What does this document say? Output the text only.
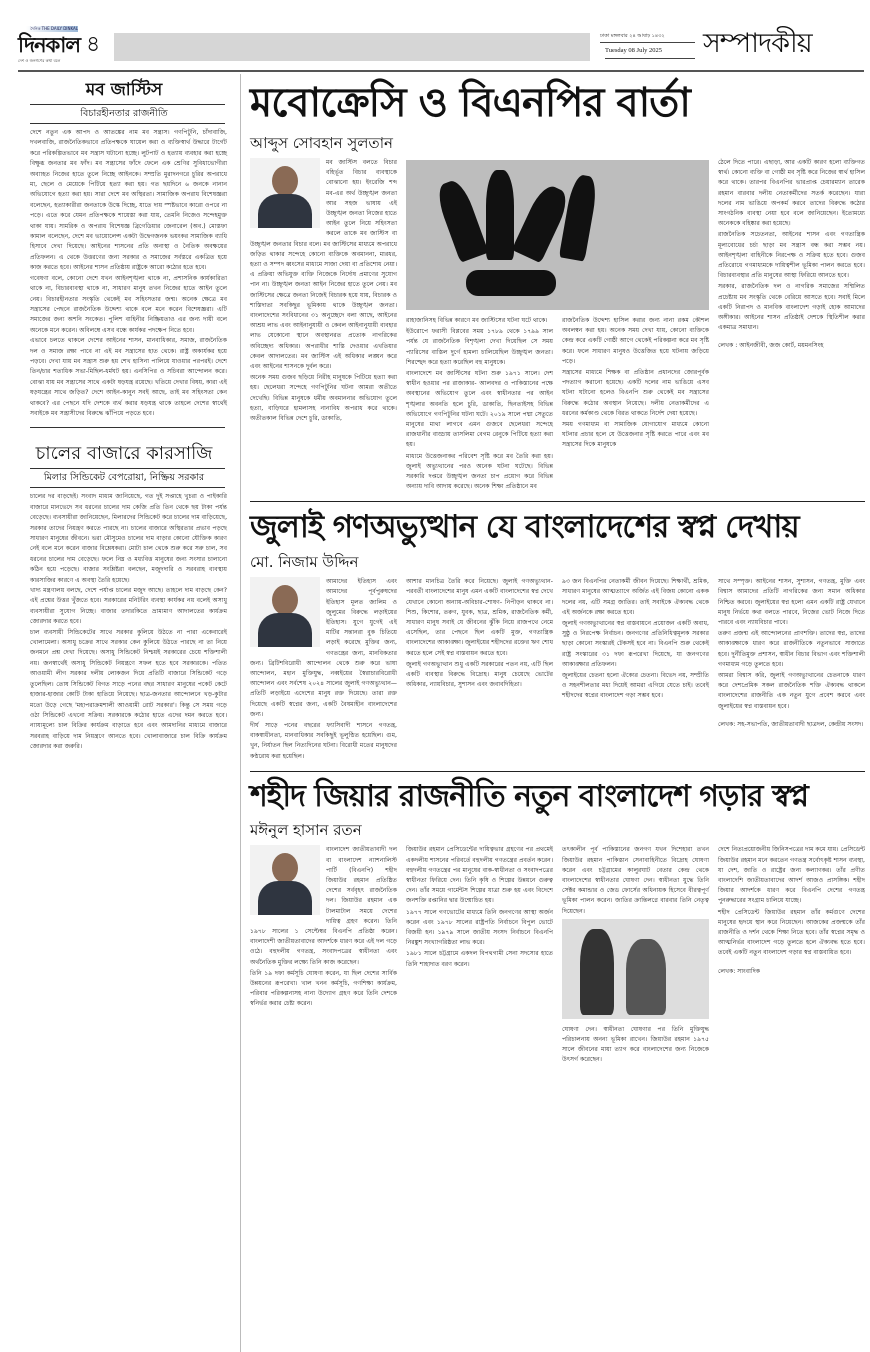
দৈনিক THE DAILY DINKAL
দিনকাল
দেশ ও জনগণের কথা বলে
৪	ঢাকা মঙ্গলবার ২৪ আষাঢ় ১৪৩২
Tuesday 08 July 2025	সম্পাদকীয়
মব জাস্টিস
বিচারহীনতার রাজনীতি

দেশে নতুন এক আপদ ও আতঙ্কের নাম মব সন্ত্রাস। গণপিটুনি, চাঁদাবাজি, দখলবাজি, রাজনৈতিকভাবে প্রতিপক্ষকে ঘায়েল করা ও ব্যক্তিস্বার্থ উদ্ধারে টার্গেট করে পরিকল্পিতভাবে মব সন্ত্রাস ঘটানো হচ্ছে। লুটপাট ও হত্যায় ব্যবহার করা হচ্ছে বিক্ষুব্ধ জনতার মব ফাঁদ। মব সন্ত্রাসের ফাঁদে ফেলে এক শ্রেণির সুবিধাভোগীরা অব্যাহত নিজের হাতে তুলে নিচ্ছে আইনকে। সম্প্রতি মুরাদনগরে চুরির অপরাধে মা, ছেলে ও মেয়েকে পিটিয়ে হত্যা করা হয়। গত ছয়দিনে ৬ জনকে নানান অভিযোগে হত্যা করা হয়। সারা দেশে মব অস্থিরতা। সামাজিক অপরাধ বিশেষজ্ঞরা বলেছেন, হত্যাকারীরা জনতাকে উস্কে দিচ্ছে, যাতে দায় স্পষ্টভাবে কারো ওপরে না পড়ে। এতে করে যেমন প্রতিপক্ষকে শায়েস্তা করা যায়, তেমনি নিজেও সন্দেহমুক্ত থাকা যায়। সামরিক ও অপরাধ বিশেষজ্ঞ ব্রিগেডিয়ার জেনারেল (অব.) মোস্তফা কামাল বলেছেন, দেশে মব ভায়োলেন্স একটা উদ্বেগজনক ভয়ংকর সামাজিক ব্যাধি হিসাবে দেখা দিয়েছে। আইনের শাসনের প্রতি অনাস্থা ও নৈতিক অবক্ষয়ের প্রতিফলন। এ থেকে উত্তরণের জন্য সরকার ও সমাজের সর্বস্তরে একত্রিত হয়ে কাজ করতে হবে। আইনের শাসন প্রতিষ্ঠায় রাষ্ট্রকে আরো কঠোর হতে হবে।

গবেষণা বলে, কোনো দেশে যখন আইনশৃঙ্খলা থাকে না, প্রশাসনিক কার্যকারিতা থাকে না, বিচারব্যবস্থা থাকে না, সাধারণ মানুষ তখন নিজের হাতে আইন তুলে নেয়। বিচারহীনতার সংস্কৃতি থেকেই মব সহিংসতার জন্ম। অনেক ক্ষেত্রে মব সন্ত্রাসের পেছনে রাজনৈতিক উদ্দেশ্য থাকে বলে মনে করেন বিশেষজ্ঞরা। এটি সমাজের জন্য অশনি সংকেত। পুলিশ বাহিনীর নিষ্ক্রিয়তাও এর জন্য দায়ী বলে অনেকে মনে করেন। অবিলম্বে এসব বন্ধে কার্যকর পদক্ষেপ নিতে হবে।

এভাবে চলতে থাকলে দেশের আইনের শাসন, মানবাধিকার, সমাজ, রাজনৈতিক দল ও সমাজ রক্ষা পাবে না এই মব সন্ত্রাসের হাত থেকে। রাষ্ট্র অকার্যকর হয়ে পড়বে। দেখা যায় মব সন্ত্রাস শুরু হয় শেখ হাসিনা পালিয়ে যাওয়ার পরপরই। দেশে তিন/চার শতাধিক সভা-মিছিল-ধর্মঘট হয়। এনসিপির ও সচিবরা আন্দোলন করে। বোঝা যায় মব সন্ত্রাসের সাথে একটা ষড়যন্ত্র রয়েছে। খতিয়ে দেখার বিষয়, কারা এই ষড়যন্ত্রের সাথে জড়িত? দেশে আইন-কানুন সবই আছে, তাই মব সহিংসতা কেন থাকবে? এর পেছনে যদি দেশকে ব্যর্থ করার ষড়যন্ত্র থাকে তাহলে দেশের স্বার্থেই সবাইকে মব সন্ত্রাসীদের বিরুদ্ধে ঝাঁপিয়ে পড়তে হবে।

চালের বাজারে কারসাজি
মিলার সিন্ডিকেট বেপরোয়া, নিষ্ক্রিয় সরকার

চালের দর বাড়ছেই। সংবাদ মাধ্যম জানিয়েছে, গত দুই সপ্তাহে খুচরা ও পাইকারি বাজারে মানভেদে সব ধরনের চালের দাম কেজি প্রতি তিন থেকে ছয় টাকা পর্যন্ত বেড়েছে। ব্যবসায়ীরা জানিয়েছেন, মিলারদের সিন্ডিকেট করে চালের দাম বাড়িয়েছে, সরকার তাদের নিয়ন্ত্রণ করতে পারছে না। চালের বাজারে অস্থিরতার প্রভাব পড়ছে সাধারণ মানুষের জীবনে। ভরা মৌসুমেও চালের দাম বাড়ার কোনো যৌক্তিক কারণ নেই বলে মনে করেন বাজার বিশ্লেষকরা। মোটা চাল থেকে শুরু করে সরু চাল, সব ধরনের চালের দাম বেড়েছে। ফলে নিম্ন ও মধ্যবিত্ত মানুষের জন্য সংসার চালানো কঠিন হয়ে পড়েছে। বাজার সংশ্লিষ্টরা বলছেন, মজুদদারি ও সরবরাহ ব্যবস্থায় কারসাজির কারণে এ অবস্থা তৈরি হয়েছে।

খাদ্য মন্ত্রণালয় বলছে, দেশে পর্যাপ্ত চালের মজুদ আছে। তাহলে দাম বাড়ছে কেন? এই প্রশ্নের উত্তর খুঁজতে হবে। সরকারের মনিটরিং ব্যবস্থা কার্যকর নয় বলেই অসাধু ব্যবসায়ীরা সুযোগ নিচ্ছে। বাজার তদারকিতে ভ্রাম্যমাণ আদালতের কার্যক্রম জোরদার করতে হবে।

চাল ব্যবসায়ী সিন্ডিকেটের সাথে সরকার কুলিয়ে উঠতে না পারা একেবারেই খোলামেলা। অসাধু চক্রের সাথে সরকার কেন কুলিয়ে উঠতে পারছে না তা নিয়ে জনমনে প্রশ্ন দেখা দিয়েছে। অসাধু সিন্ডিকেট নিশ্চয়ই সরকারের চেয়ে শক্তিশালী নয়। জনস্বার্থেই অসাধু সিন্ডিকেট নিয়ন্ত্রণে সফল হতে হবে সরকারকে। পতিত আওয়ামী লীগ সরকার দলীয় লোকজন দিয়ে প্রতিটি বাজারে সিন্ডিকেট গড়ে তুলেছিল। তোষ সিন্ডিকেট বিগত সাড়ে পনের বছর সাধারণ মানুষের পকেট কেটে হাজার-হাজার কোটি টাকা হাতিয়ে নিয়েছে। ছাত্র-জনতার আন্দোলনে খড়-কুটার মতো উড়ে গেছে 'মহাপরাক্রমশালী আওয়ামী রোট সরকার'। কিন্তু সে সময় গড়ে ওঠা সিন্ডিকেট এখনো সক্রিয়। সরকারকে কঠোর হাতে এদের দমন করতে হবে। ন্যায্যমূল্যে চাল বিক্রির কার্যক্রম বাড়াতে হবে এবং আমদানির মাধ্যমে বাজারে সরবরাহ বাড়িয়ে দাম নিয়ন্ত্রণে আনতে হবে। খোলাবাজারে চাল বিক্রি কার্যক্রম জোরদার করা জরুরি।

মবোক্রেসি ও বিএনপির বার্তা
আব্দুস সোবহান সুলতান

মব জাস্টিস বলতে বিচার বহির্ভূত বিচার ব্যবস্থাকে বোঝানো হয়। ইংরেজি শব্দ মব-এর অর্থ উচ্ছৃঙ্খল জনতা আর সহজ ভাষায় এই উচ্ছৃঙ্খল জনতা নিজের হাতে আইন তুলে নিয়ে সহিংসতা করলে তাকে মব জাস্টিস বা উচ্ছৃঙ্খল জনতার বিচার বলে। মব জাস্টিসের মাধ্যমে অপরাধে জড়িত থাকার সন্দেহে কোনো ব্যক্তিকে অবমাননা, মারধর, হত্যা ও সম্পদ ধ্বংসের মাধ্যমে সাজা দেয়া বা প্রতিশোধ নেয়া। এ প্রক্রিয়া অভিযুক্ত ব্যক্তি নিজেকে নির্দোষ প্রমাণের সুযোগ পান না। উচ্ছৃঙ্খল জনতা আইন নিজের হাতে তুলে নেয়। মব জাস্টিসের ক্ষেত্রে জনতা নিজেই বিচারক হয়ে যায়, বিচারক ও শাস্তিদাতা সবকিছুর ভূমিকায় থাকে উচ্ছৃঙ্খল জনতা। বাংলাদেশের সংবিধানের ৩১ অনুচ্ছেদে বলা আছে, আইনের আশ্রয় লাভ এবং আইনানুযায়ী ও কেবল আইনানুযায়ী ব্যবহার লাভ যেকোনো স্থানে অবস্থানরত প্রত্যেক নাগরিকের অবিচ্ছেদ্য অধিকার। অপরাধীর শাস্তি দেওয়ার এখতিয়ার কেবল আদালতের। মব জাস্টিস এই অধিকার লঙ্ঘন করে এবং আইনের শাসনকে দুর্বল করে।

অনেক সময় গুজব ছড়িয়ে নিরীহ মানুষকে পিটিয়ে হত্যা করা হয়। ছেলেধরা সন্দেহে গণপিটুনির ঘটনা আমরা অতীতে দেখেছি। বিভিন্ন মানুষকে ধর্মীয় অবমাননার অভিযোগ তুলে হত্যা, বাড়িঘরে হামলাসহ নানাবিধ অপরাধ করে থাকে। অতীতকাল বিভিন্ন দেশে চুরি, ডাকাতি,

রাহাজানিসহ বিভিন্ন কারণে মব জাস্টিসের ঘটনা ঘটে থাকে।

ইউরোপে ফরাসী বিপ্লবের সময় ১৭৮৯ থেকে ১৭৯৯ সাল পর্যন্ত যে রাজনৈতিক বিশৃঙ্খলা দেখা দিয়েছিল সে সময় প্যারিসের বাস্তিল দুর্গে হামলা চালিয়েছিল উচ্ছৃঙ্খল জনতা। শিরশ্ছেদ করে হত্যা করেছিল বহু মানুষকে।

বাংলাদেশে মব জাস্টিসের ঘটনা শুরু ১৯৭১ সালে। দেশ স্বাধীন হওয়ার পর রাজাকার- আলবদর ও পাকিস্তানের পক্ষে অবস্থানের অভিযোগ তুলে এবং স্বাধীনতার পর আইন শৃঙ্খলার অবনতি হলে চুরি, ডাকাতি, ছিনতাইসহ বিভিন্ন অভিযোগে গণপিটুনির ঘটনা ঘটে। ২০১৯ সালে পদ্মা সেতুতে মানুষের মাথা লাগবে এমন গুজবে ছেলেধরা সন্দেহে রাজধানীর বাড্ডায় তাসলিমা বেগম রেনুকে পিটিয়ে হত্যা করা হয়।

মাধ্যমে উত্তেজনাকর পরিবেশ সৃষ্টি করে মব তৈরি করা হয়। জুলাই অভ্যুত্থানের পরও অনেক ঘটনা ঘটেছে। বিভিন্ন সরকারি দপ্তরে উচ্ছৃঙ্খল জনতা চাপ প্রয়োগ করে বিভিন্ন অন্যায় দাবি আদায় করেছে। অনেক শিক্ষা প্রতিষ্ঠানে মব

রাজনৈতিক উদ্দেশ্য হাসিল করার জন্য নানা রকম কৌশল অবলম্বন করা হয়। অনেক সময় দেখা যায়, কোনো ব্যক্তিকে কেন্দ্র করে একটি গোষ্ঠী আগে থেকেই পরিকল্পনা করে মব সৃষ্টি করে। ফলে সাধারণ মানুষও উত্তেজিত হয়ে ঘটনায় জড়িয়ে পড়ে।

সন্ত্রাসের মাধ্যমে শিক্ষক বা প্রতিষ্ঠান প্রধানদের জোরপূর্বক পদত্যাগ করানো হয়েছে। একটি দলের নাম ভাঙিয়ে এসব ঘটনা ঘটানো হলেও বিএনপি শুরু থেকেই মব সন্ত্রাসের বিরুদ্ধে কঠোর অবস্থান নিয়েছে। দলীয় নেতাকর্মীদের এ ধরনের কর্মকাণ্ড থেকে বিরত থাকতে নির্দেশ দেয়া হয়েছে।

সময় গণমাধ্যম বা সামাজিক যোগাযোগ মাধ্যমে কোনো ঘটনার প্রচার হলে যে উত্তেজনার সৃষ্টি করতে পারে এবং মব সন্ত্রাসের দিকে মানুষকে

ঠেলে দিতে পারে। এছাড়া, আর একটি কারণ হলো ব্যক্তিগত স্বার্থ। কোনো ব্যক্তি বা গোষ্ঠী মব সৃষ্টি করে নিজের স্বার্থ হাসিল করে থাকে। তারপর বিএনপির ভারপ্রাপ্ত চেয়ারম্যান তারেক রহমান বারবার দলীয় নেতাকর্মীদের সতর্ক করেছেন। যারা দলের নাম ভাঙিয়ে অপকর্ম করবে তাদের বিরুদ্ধে কঠোর সাংগঠনিক ব্যবস্থা নেয়া হবে বলে জানিয়েছেন। ইতোমধ্যে অনেককে বহিষ্কার করা হয়েছে।

রাজনৈতিক সচেতনতা, আইনের শাসন এবং গণতান্ত্রিক মূল্যবোধের চর্চা ছাড়া মব সন্ত্রাস বন্ধ করা সম্ভব নয়। আইনশৃঙ্খলা বাহিনীকে নিরপেক্ষ ও সক্রিয় হতে হবে। গুজব প্রতিরোধে গণমাধ্যমকে দায়িত্বশীল ভূমিকা পালন করতে হবে। বিচারব্যবস্থার প্রতি মানুষের আস্থা ফিরিয়ে আনতে হবে।

সরকার, রাজনৈতিক দল ও নাগরিক সমাজের সম্মিলিত প্রচেষ্টায় মব সংস্কৃতি থেকে বেরিয়ে আসতে হবে। সবাই মিলে একটি নিরাপদ ও মানবিক বাংলাদেশ গড়াই হোক আমাদের অঙ্গীকার। আইনের শাসন প্রতিষ্ঠাই দেশকে স্থিতিশীল করার একমাত্র সমাধান।

লেখক : আইনজীবী, জজ কোর্ট, ময়মনসিংহ
জুলাই গণঅভ্যুত্থান যে বাংলাদেশের স্বপ্ন দেখায়
মো. নিজাম উদ্দিন

আমাদের ইতিহাস এবং আমাদের পূর্বপুরুষদের ইতিহাস মূলত জালিম ও জুলুমের বিরুদ্ধে লড়াইয়ের ইতিহাস। যুগে যুগেই এই মাটির সন্তানরা বুক চিতিয়ে লড়াই করেছে মুক্তির জন্য, গণতন্ত্রের জন্য, মানবিকতার জন্য। ব্রিটিশবিরোধী আন্দোলন থেকে শুরু করে ভাষা আন্দোলন, মহান মুক্তিযুদ্ধ, নব্বইয়ের স্বৈরাচারবিরোধী আন্দোলন এবং সর্বশেষ ২০২৪ সালের জুলাই গণঅভ্যুত্থান—প্রতিটি লড়াইয়ে এদেশের মানুষ রক্ত দিয়েছে। তারা রক্ত দিয়েছে একটি স্বপ্নের জন্য, একটি বৈষম্যহীন বাংলাদেশের জন্য।

দীর্ঘ সাড়ে পনের বছরের ফ্যাসিবাদী শাসনে গণতন্ত্র, বাকস্বাধীনতা, মানবাধিকার সবকিছুই ভূলুণ্ঠিত হয়েছিল। গুম, খুন, নির্যাতন ছিল নিত্যদিনের ঘটনা। বিরোধী মতের মানুষদের কণ্ঠরোধ করা হয়েছিল।

আশার মানচিত্র তৈরি করে নিয়েছে। জুলাই গণঅভ্যুত্থান-পরবর্তী বাংলাদেশের মানুষ এমন একটি বাংলাদেশের স্বপ্ন দেখে যেখানে কোনো অন্যায়-অবিচার-শোষণ- নিপীড়ন থাকবে না। শিশু, কিশোর, তরুণ, যুবক, ছাত্র, শ্রমিক, রাজনৈতিক কর্মী, সাধারণ মানুষ সবাই যে জীবনের ঝুঁকি নিয়ে রাজপথে নেমে এসেছিল, তার পেছনে ছিল একটি মুক্ত, গণতান্ত্রিক বাংলাদেশের আকাঙ্ক্ষা। জুলাইয়ের শহীদদের রক্তের ঋণ শোধ করতে হলে সেই স্বপ্ন বাস্তবায়ন করতে হবে।

জুলাই গণঅভ্যুত্থান শুধু একটি সরকারের পতন নয়, এটি ছিল একটি ব্যবস্থার বিরুদ্ধে বিদ্রোহ। মানুষ চেয়েছে ভোটের অধিকার, ন্যায়বিচার, সুশাসন এবং জবাবদিহিতা।

৯৩ জন বিএনপির নেতাকর্মী জীবন দিয়েছে। শিক্ষার্থী, শ্রমিক, সাধারণ মানুষের আত্মত্যাগে অর্জিত এই বিজয় কোনো একক দলের নয়, এটি সমগ্র জাতির। তাই সবাইকে ঐক্যবদ্ধ থেকে এই অর্জনকে রক্ষা করতে হবে।

জুলাই গণঅভ্যুত্থানের স্বপ্ন বাস্তবায়নে প্রয়োজন একটি অবাধ, সুষ্ঠু ও নিরপেক্ষ নির্বাচন। জনগণের প্রতিনিধিত্বমূলক সরকার ছাড়া কোনো সংস্কারই টেকসই হবে না। বিএনপি শুরু থেকেই রাষ্ট্র সংস্কারের ৩১ দফা রূপরেখা দিয়েছে, যা জনগণের আকাঙ্ক্ষার প্রতিফলন।

জুলাইয়ের চেতনা হলো ঐক্যের চেতনা। বিভেদ নয়, সম্প্রীতি ও সহনশীলতার মধ্য দিয়েই আমরা এগিয়ে যেতে চাই। তবেই শহীদদের স্বপ্নের বাংলাদেশ গড়া সম্ভব হবে।

সাথে সম্পৃক্ত। আইনের শাসন, সুশাসন, গণতন্ত্র, মুক্তি এবং বিশ্বাস আমাদের প্রতিটি নাগরিকের জন্য সমান অধিকার নিশ্চিত করবে। জুলাইয়ের স্বপ্ন হলো এমন একটি রাষ্ট্র যেখানে মানুষ নির্ভয়ে কথা বলতে পারবে, নিজের ভোট নিজে দিতে পারবে এবং ন্যায়বিচার পাবে।

তরুণ প্রজন্ম এই আন্দোলনের প্রাণশক্তি। তাদের স্বপ্ন, তাদের আকাঙ্ক্ষাকে ধারণ করে রাজনীতিকে নতুনভাবে সাজাতে হবে। দুর্নীতিমুক্ত প্রশাসন, স্বাধীন বিচার বিভাগ এবং শক্তিশালী গণমাধ্যম গড়ে তুলতে হবে।

আমরা বিশ্বাস করি, জুলাই গণঅভ্যুত্থানের চেতনাকে ধারণ করে দেশপ্রেমিক সকল রাজনৈতিক শক্তি ঐক্যবদ্ধ থাকলে বাংলাদেশের রাজনীতি এক নতুন যুগে প্রবেশ করবে এবং জুলাইয়ের স্বপ্ন বাস্তবায়ন হবে।

লেখক: সহ-সভাপতি, জাতীয়তাবাদী ছাত্রদল, কেন্দ্রীয় সংসদ।
শহীদ জিয়ার রাজনীতি নতুন বাংলাদেশ গড়ার স্বপ্ন
মঈনুল হাসান রতন

বাংলাদেশ জাতীয়তাবাদী দল বা বাংলাদেশ ন্যাশনালিস্ট পার্টি (বিএনপি) শহীদ জিয়াউর রহমান প্রতিষ্ঠিত দেশের সর্ববৃহৎ রাজনৈতিক দল। জিয়াউর রহমান এক টালমাটাল সময়ে দেশের দায়িত্ব গ্রহণ করেন। তিনি ১৯৭৮ সালের ১ সেপ্টেম্বর বিএনপি প্রতিষ্ঠা করেন। বাংলাদেশী জাতীয়তাবাদের আদর্শকে ধারণ করে এই দল গড়ে ওঠে। বহুদলীয় গণতন্ত্র, সংবাদপত্রের স্বাধীনতা এবং অর্থনৈতিক মুক্তির লক্ষ্যে তিনি কাজ করেছেন।

তিনি ১৯ দফা কর্মসূচি ঘোষণা করেন, যা ছিল দেশের সার্বিক উন্নয়নের রূপরেখা। খাল খনন কর্মসূচি, গণশিক্ষা কার্যক্রম, পরিবার পরিকল্পনাসহ নানা উদ্যোগ গ্রহণ করে তিনি দেশকে স্বনির্ভর করার চেষ্টা করেন।

জিয়াউর রহমান প্রেসিডেন্টের দায়িত্বভার গ্রহণের পর প্রথমেই একদলীয় শাসনের পরিবর্তে বহুদলীয় গণতন্ত্রের প্রবর্তন করেন। বহুদলীয় গণতন্ত্রের পর মানুষের বাক-স্বাধীনতা ও সংবাদপত্রের স্বাধীনতা ফিরিয়ে দেন। তিনি কৃষি ও শিল্পের উন্নয়নে গুরুত্ব দেন। তাঁর সময়ে গার্মেন্টস শিল্পের যাত্রা শুরু হয় এবং বিদেশে জনশক্তি রপ্তানির দ্বার উন্মোচিত হয়।

১৯৭৭ সালে গণভোটের মাধ্যমে তিনি জনগণের আস্থা অর্জন করেন এবং ১৯৭৮ সালের রাষ্ট্রপতি নির্বাচনে বিপুল ভোটে বিজয়ী হন। ১৯৭৯ সালে জাতীয় সংসদ নির্বাচনে বিএনপি নিরঙ্কুশ সংখ্যাগরিষ্ঠতা লাভ করে।

১৯৮১ সালে চট্টগ্রামে একদল বিপথগামী সেনা সদস্যের হাতে তিনি শাহাদাত বরণ করেন।

তৎকালীন পূর্ব পাকিস্তানের জনগণ যখন দিশেহারা তখন জিয়াউর রহমান পাকিস্তান সেনাবাহিনীতে বিদ্রোহ ঘোষণা করেন এবং চট্টগ্রামের কালুরঘাট বেতার কেন্দ্র থেকে বাংলাদেশের স্বাধীনতার ঘোষণা দেন। স্বাধীনতা যুদ্ধে তিনি সেক্টর কমান্ডার ও জেড ফোর্সের অধিনায়ক হিসেবে বীরত্বপূর্ণ ভূমিকা পালন করেন। জাতির ক্রান্তিলগ্নে বারবার তিনি নেতৃত্ব দিয়েছেন।

ঘোষণা দেন। স্বাধীনতা ঘোষণার পর তিনি মুক্তিযুদ্ধ পরিচালনায় অনন্য ভূমিকা রাখেন। জিয়াউর রহমান ১৯৭৫ সালে জীবনের মায়া ত্যাগ করে বাংলাদেশের জন্য নিজেকে উৎসর্গ করেছেন।

দেশে নিত্যপ্রয়োজনীয় জিনিসপত্রের দাম কমে যায়। প্রেসিডেন্ট জিয়াউর রহমান মনে করতেন গণতন্ত্র সর্বোৎকৃষ্ট শাসন ব্যবস্থা, যা দেশ, জাতি ও রাষ্ট্রের জন্য কল্যাণকর। তাঁর প্রণীত বাংলাদেশি জাতীয়তাবাদের আদর্শ আজও প্রাসঙ্গিক। শহীদ জিয়ার আদর্শকে ধারণ করে বিএনপি দেশের গণতন্ত্র পুনরুদ্ধারের সংগ্রাম চালিয়ে যাচ্ছে।

শহীদ প্রেসিডেন্ট জিয়াউর রহমান তাঁর কর্মগুণে দেশের মানুষের হৃদয়ে স্থান করে নিয়েছেন। আজকের প্রজন্মকে তাঁর রাজনীতি ও দর্শন থেকে শিক্ষা নিতে হবে। তাঁর স্বপ্নের সমৃদ্ধ ও আত্মনির্ভর বাংলাদেশ গড়ে তুলতে হলে ঐক্যবদ্ধ হতে হবে। তবেই একটি নতুন বাংলাদেশ গড়ার স্বপ্ন বাস্তবায়িত হবে।

লেখক: সাংবাদিক
